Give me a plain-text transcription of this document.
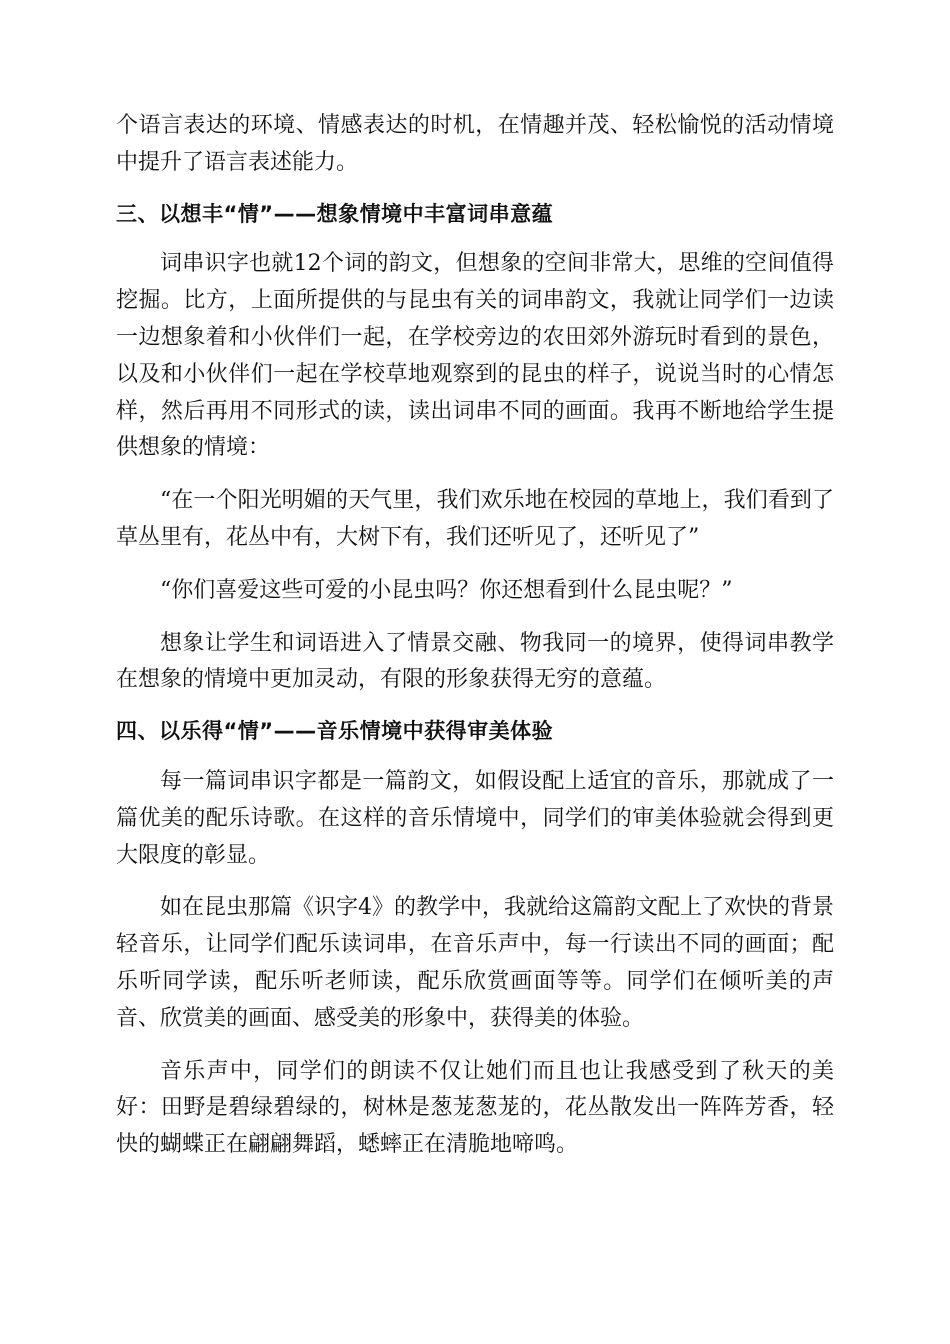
个语言表达的环境、情感表达的时机，在情趣并茂、轻松愉悦的活动情境中提升了语言表述能力。

三、以想丰“情”——想象情境中丰富词串意蕴

词串识字也就12个词的韵文，但想象的空间非常大，思维的空间值得挖掘。比方，上面所提供的与昆虫有关的词串韵文，我就让同学们一边读一边想象着和小伙伴们一起，在学校旁边的农田郊外游玩时看到的景色，以及和小伙伴们一起在学校草地观察到的昆虫的样子，说说当时的心情怎样，然后再用不同形式的读，读出词串不同的画面。我再不断地给学生提供想象的情境：

“在一个阳光明媚的天气里，我们欢乐地在校园的草地上，我们看到了草丛里有，花丛中有，大树下有，我们还听见了，还听见了”

“你们喜爱这些可爱的小昆虫吗？你还想看到什么昆虫呢？”

想象让学生和词语进入了情景交融、物我同一的境界，使得词串教学在想象的情境中更加灵动，有限的形象获得无穷的意蕴。

四、以乐得“情”——音乐情境中获得审美体验

每一篇词串识字都是一篇韵文，如假设配上适宜的音乐，那就成了一篇优美的配乐诗歌。在这样的音乐情境中，同学们的审美体验就会得到更大限度的彰显。

如在昆虫那篇《识字4》的教学中，我就给这篇韵文配上了欢快的背景轻音乐，让同学们配乐读词串，在音乐声中，每一行读出不同的画面；配乐听同学读，配乐听老师读，配乐欣赏画面等等。同学们在倾听美的声音、欣赏美的画面、感受美的形象中，获得美的体验。

音乐声中，同学们的朗读不仅让她们而且也让我感受到了秋天的美好：田野是碧绿碧绿的，树林是葱茏葱茏的，花丛散发出一阵阵芳香，轻快的蝴蝶正在翩翩舞蹈，蟋蟀正在清脆地啼鸣。
